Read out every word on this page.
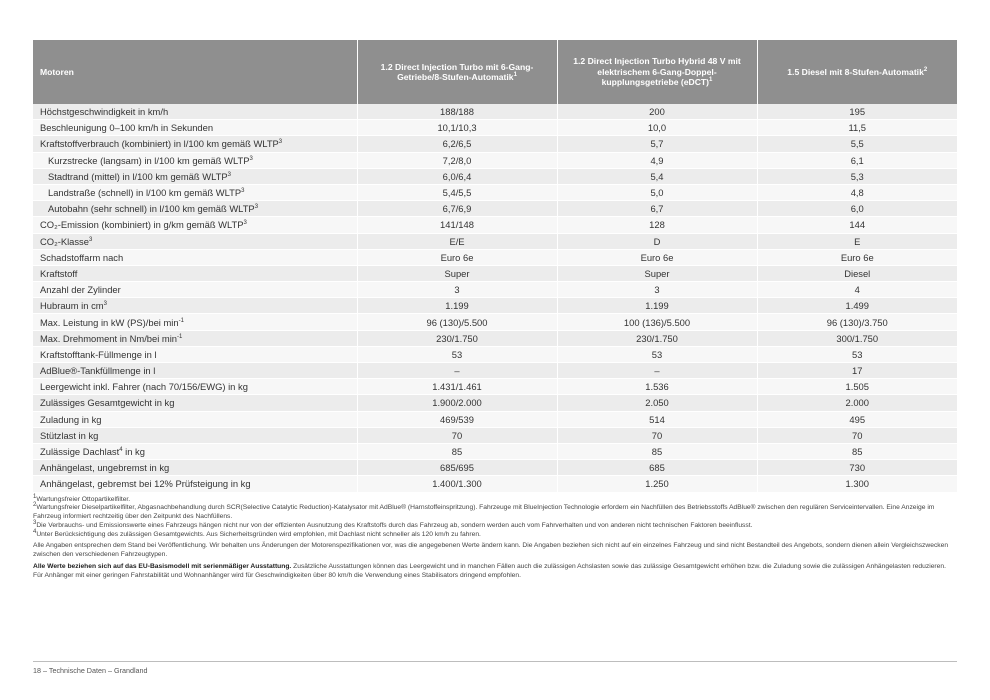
Motoren	1.2 Direct Injection Turbo mit 6-Gang-Getriebe/8-Stufen-Automatik$^1$	1.2 Direct Injection Turbo Hybrid 48 V mit elektrischem 6-Gang-Doppel-kupplungsgetriebe (eDCT)$^1$	1.5 Diesel mit 8-Stufen-Automatik$^2$
Höchstgeschwindigkeit in km/h	188/188	200	195
Beschleunigung 0–100 km/h in Sekunden	10,1/10,3	10,0	11,5
Kraftstoffverbrauch (kombiniert) in l/100 km gemäß WLTP$^3$	6,2/6,5	5,7	5,5
Kurzstrecke (langsam) in l/100 km gemäß WLTP$^3$	7,2/8,0	4,9	6,1
Stadtrand (mittel) in l/100 km gemäß WLTP$^3$	6,0/6,4	5,4	5,3
Landstraße (schnell) in l/100 km gemäß WLTP$^3$	5,4/5,5	5,0	4,8
Autobahn (sehr schnell) in l/100 km gemäß WLTP$^3$	6,7/6,9	6,7	6,0
CO₂-Emission (kombiniert) in g/km gemäß WLTP$^3$	141/148	128	144
CO₂-Klasse$^3$	E/E	D	E
Schadstoffarm nach	Euro 6e	Euro 6e	Euro 6e
Kraftstoff	Super	Super	Diesel
Anzahl der Zylinder	3	3	4
Hubraum in $cm^3$	1.199	1.199	1.499
Max. Leistung in kW (PS)/bei $\min^{-1}$	96 (130)/5.500	100 (136)/5.500	96 (130)/3.750
Max. Drehmoment in Nm/bei $\min^{-1}$	230/1.750	230/1.750	300/1.750
Kraftstofftank-Füllmenge in l	53	53	53
AdBlue®-Tankfüllmenge in l	–	–	17
Leergewicht inkl. Fahrer (nach 70/156/EWG) in kg	1.431/1.461	1.536	1.505
Zulässiges Gesamtgewicht in kg	1.900/2.000	2.050	2.000
Zuladung in kg	469/539	514	495
Stützlast in kg	70	70	70
Zulässige Dachlast$^4$ in kg	85	85	85
Anhängelast, ungebremst in kg	685/695	685	730
Anhängelast, gebremst bei 12% Prüfsteigung in kg	1.400/1.300	1.250	1.300

$^1$Wartungsfreier Ottopartikelfilter.

$^2$Wartungsfreier Dieselpartikelfilter, Abgasnachbehandlung durch SCR(Selective Catalytic Reduction)-Katalysator mit AdBlue® (Harnstoffeinspritzung). Fahrzeuge mit BlueInjection Technologie erfordern ein Nachfüllen des Betriebsstoffs AdBlue® zwischen den regulären Serviceintervallen. Eine Anzeige im Fahrzeug informiert rechtzeitig über den Zeitpunkt des Nachfüllens.

$^3$Die Verbrauchs- und Emissionswerte eines Fahrzeugs hängen nicht nur von der effizienten Ausnutzung des Kraftstoffs durch das Fahrzeug ab, sondern werden auch vom Fahrverhalten und von anderen nicht technischen Faktoren beeinflusst.

$^4$Unter Berücksichtigung des zulässigen Gesamtgewichts. Aus Sicherheitsgründen wird empfohlen, mit Dachlast nicht schneller als 120 km/h zu fahren.

Alle Angaben entsprechen dem Stand bei Veröffentlichung. Wir behalten uns Änderungen der Motorenspezifikationen vor, was die angegebenen Werte ändern kann. Die Angaben beziehen sich nicht auf ein einzelnes Fahrzeug und sind nicht Bestandteil des Angebots, sondern dienen allein Vergleichszwecken zwischen den verschiedenen Fahrzeugtypen.

Alle Werte beziehen sich auf das EU-Basismodell mit serienmäßiger Ausstattung. Zusätzliche Ausstattungen können das Leergewicht und in manchen Fällen auch die zulässigen Achslasten sowie das zulässige Gesamtgewicht erhöhen bzw. die Zuladung sowie die zulässigen Anhängelasten reduzieren. Für Anhänger mit einer geringen Fahrstabilität und Wohnanhänger wird für Geschwindigkeiten über 80 km/h die Verwendung eines Stabilisators dringend empfohlen.

18 – Technische Daten – Grandland
